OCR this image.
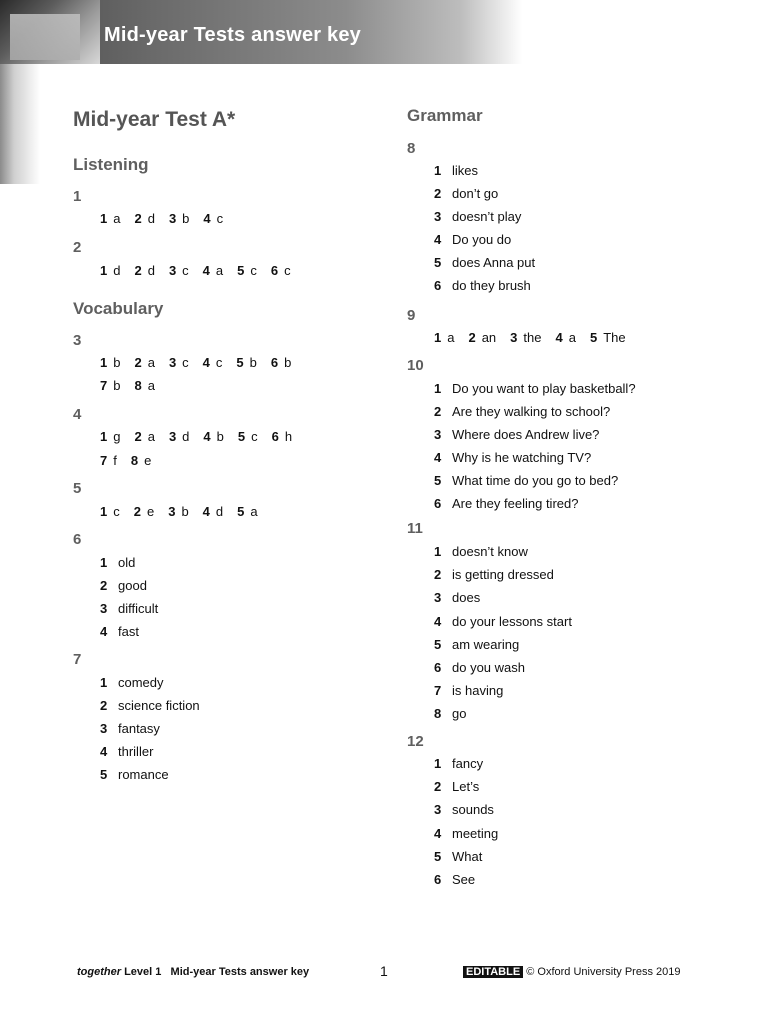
Mid-year Tests answer key
Mid-year Test A*
Listening
1
1 a 2 d 3 b 4 c
2
1 d 2 d 3 c 4 a 5 c 6 c
Vocabulary
3
1 b 2 a 3 c 4 c 5 b 6 b
7 b 8 a
4
1 g 2 a 3 d 4 b 5 c 6 h
7 f 8 e
5
1 c 2 e 3 b 4 d 5 a
6
7
Grammar
8
9
1 a 2 an 3 the 4 a 5 The
10
11
12
together Level 1 Mid-year Tests answer key	1	EDITABLE © Oxford University Press 2019
1 old
2 good
3 difficult
4 fast
1 comedy
2 science fiction
3 fantasy
4 thriller
5 romance
1 likes
2 don’t go
3 doesn’t play
4 Do you do
5 does Anna put
6 do they brush
1 Do you want to play basketball?
2 Are they walking to school?
3 Where does Andrew live?
4 Why is he watching TV?
5 What time do you go to bed?
6 Are they feeling tired?
1 doesn’t know
2 is getting dressed
3 does
4 do your lessons start
5 am wearing
6 do you wash
7 is having
8 go
1 fancy
2 Let’s
3 sounds
4 meeting
5 What
6 See
